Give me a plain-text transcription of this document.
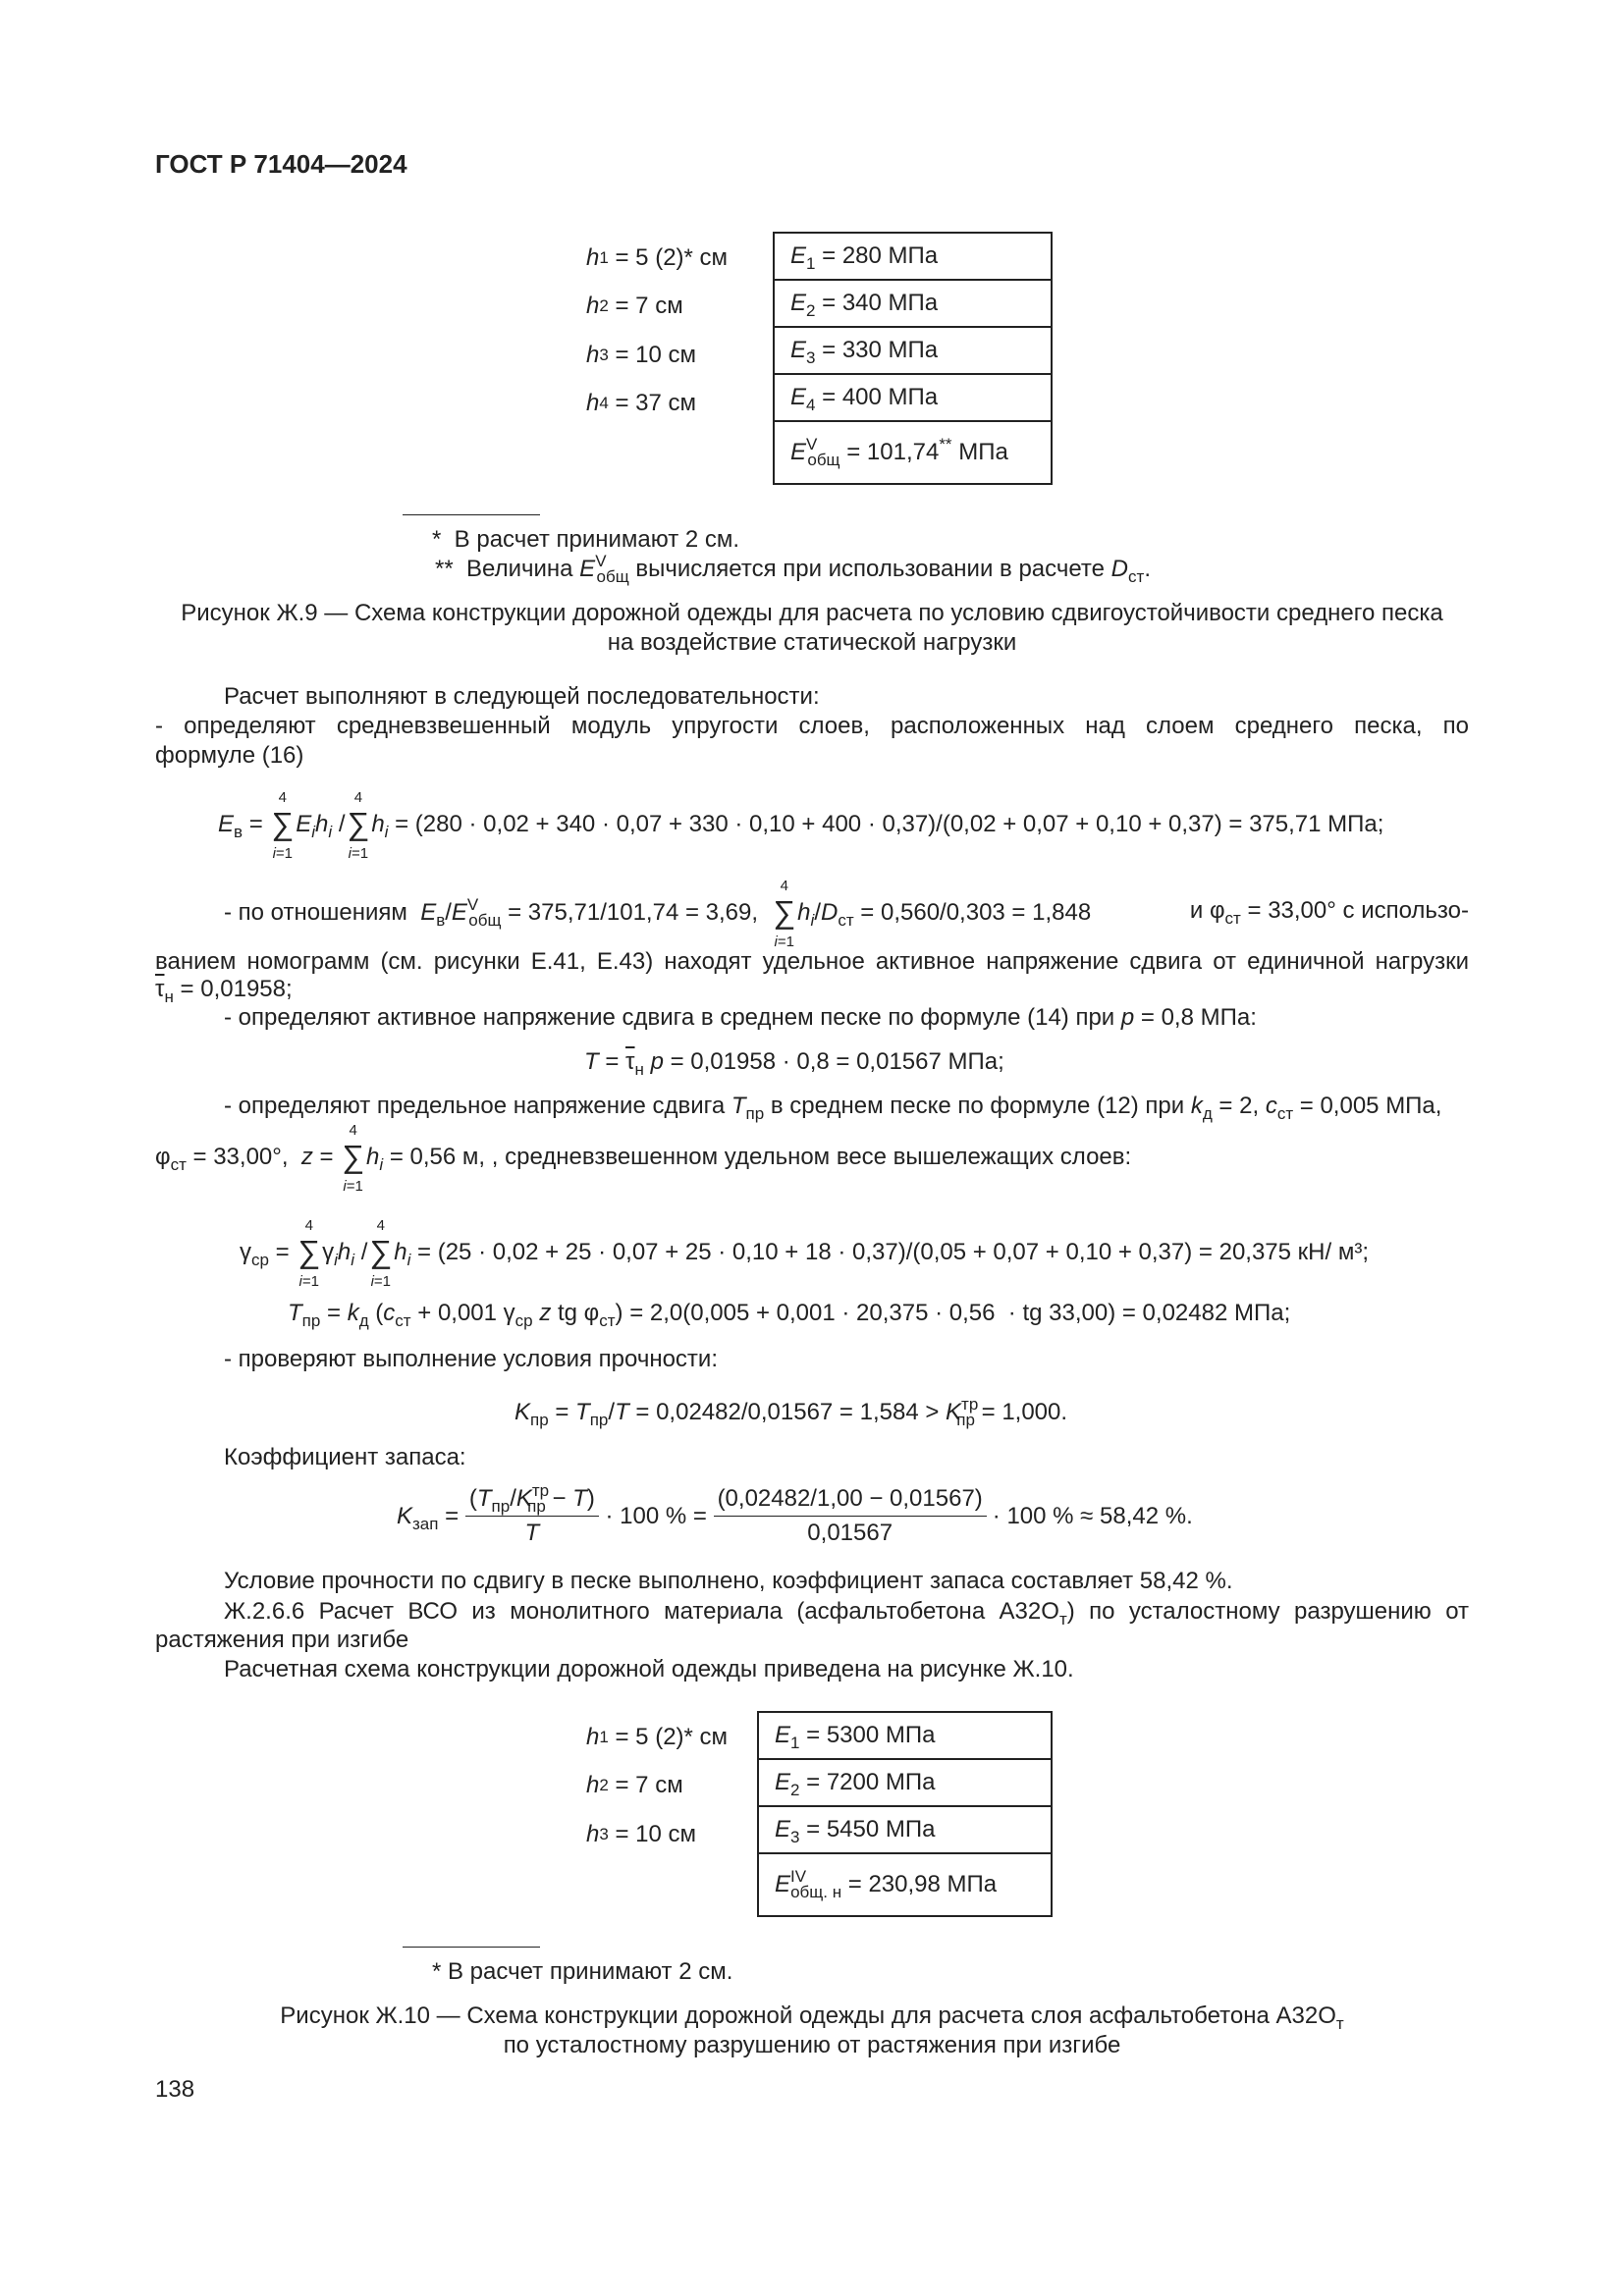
ГОСТ Р 71404—2024
h 1 = 5 (2)* см
h 2 = 7 см
h 3 = 10 см
h 4 = 37 см
$E_1 = 280$ МПа
$E_2 = 340$ МПа
$E_3 = 330$ МПа
$E_4 = 400$ МПа
$E^V_{общ} = 101,74^{**}$ МПа
*  В расчет принимают 2 см.
**  Величина $E^V_{общ}$ вычисляется при использовании в расчете $D_{ст}$.
Рисунок Ж.9 — Схема конструкции дорожной одежды для расчета по условию сдвигоустойчивости среднего песка
на воздействие статической нагрузки
Расчет выполняют в следующей последовательности:
- определяют средневзвешенный модуль упругости слоев, расположенных над слоем среднего песка, по
формуле (16)
$E_в$ =
4
∑
i=1
$E_ih_i$ /
4
∑
i=1
$h_i = (280 \cdot 0,02 + 340 \cdot 0,07 + 330 \cdot 0,10 + 400 \cdot 0,37)/(0,02 + 0,07 + 0,10 + 0,37) = 375,71$ МПа;
- по отношениям $E_в/E^V_{общ} = 375,71/101,74 = 3,69$,
4
∑
i=1
$h_i/D_{ст} = 0,560/0,303 = 1,848$	и $\varphi_{ст} = 33,00^\circ$ с использо-
ванием номограмм (см. рисунки Е.41, Е.43) находят удельное активное напряжение сдвига от единичной нагрузки
$\overline{\tau}_н = 0,01958$;
- определяют активное напряжение сдвига в среднем песке по формуле (14) при p = 0,8 МПа:
$T = \overline{\tau}_н$ p = 0,01958 · 0,8 = 0,01567 МПа;
- определяют предельное напряжение сдвига $T_{пр}$ в среднем песке по формуле (12) при $k_д = 2$, $c_{ст} = 0,005$ МПа,
$\varphi_{ст} = 33,00^\circ$,  z =
4
∑
i=1
$h_i = 0,56$ м, , средневзвешенном удельном весе вышележащих слоев:
$\gamma_{ср}$ =
4
∑
i=1
$\gamma_ih_i$ /
4
∑
i=1
$h_i = (25 \cdot 0,02 + 25 \cdot 0,07 + 25 \cdot 0,10 + 18 \cdot 0,37)/(0,05 + 0,07 + 0,10 + 0,37) = 20,375$ кН/ м³;
$T_{пр} = k_д$ ($c_{ст} + 0,001$ $\gamma_{ср}$ z tg $\varphi_{ст}) = 2,0(0,005 + 0,001 \cdot 20,375 \cdot 0,56$  · tg 33,00) = 0,02482 МПа;
- проверяют выполнение условия прочности:
$K_{пр} = T_{пр}/T = 0,02482/0,01567 = 1,584 > K^{тр}_{пр} = 1,000$.
Коэффициент запаса:
$K_{зап} = \frac{(T_{пр}/K^{тр}_{пр} - T)}{T} \cdot 100$ % = $\frac{(0,02482/1,00 - 0,01567)}{0,01567} \cdot 100$ % ≈ 58,42 %.
Условие прочности по сдвигу в песке выполнено, коэффициент запаса составляет 58,42 %.
Ж.2.6.6 Расчет ВСО из монолитного материала (асфальтобетона $А32О_т$) по усталостному разрушению от
растяжения при изгибе
Расчетная схема конструкции дорожной одежды приведена на рисунке Ж.10.
h 1 = 5 (2)* см
h 2 = 7 см
h 3 = 10 см
$E_1 = 5300$ МПа
$E_2 = 7200$ МПа
$E_3 = 5450$ МПа
$E^{IV}_{общ. н} = 230,98$ МПа
* В расчет принимают 2 см.
Рисунок Ж.10 — Схема конструкции дорожной одежды для расчета слоя асфальтобетона $А32О_т$
по усталостному разрушению от растяжения при изгибе
138
